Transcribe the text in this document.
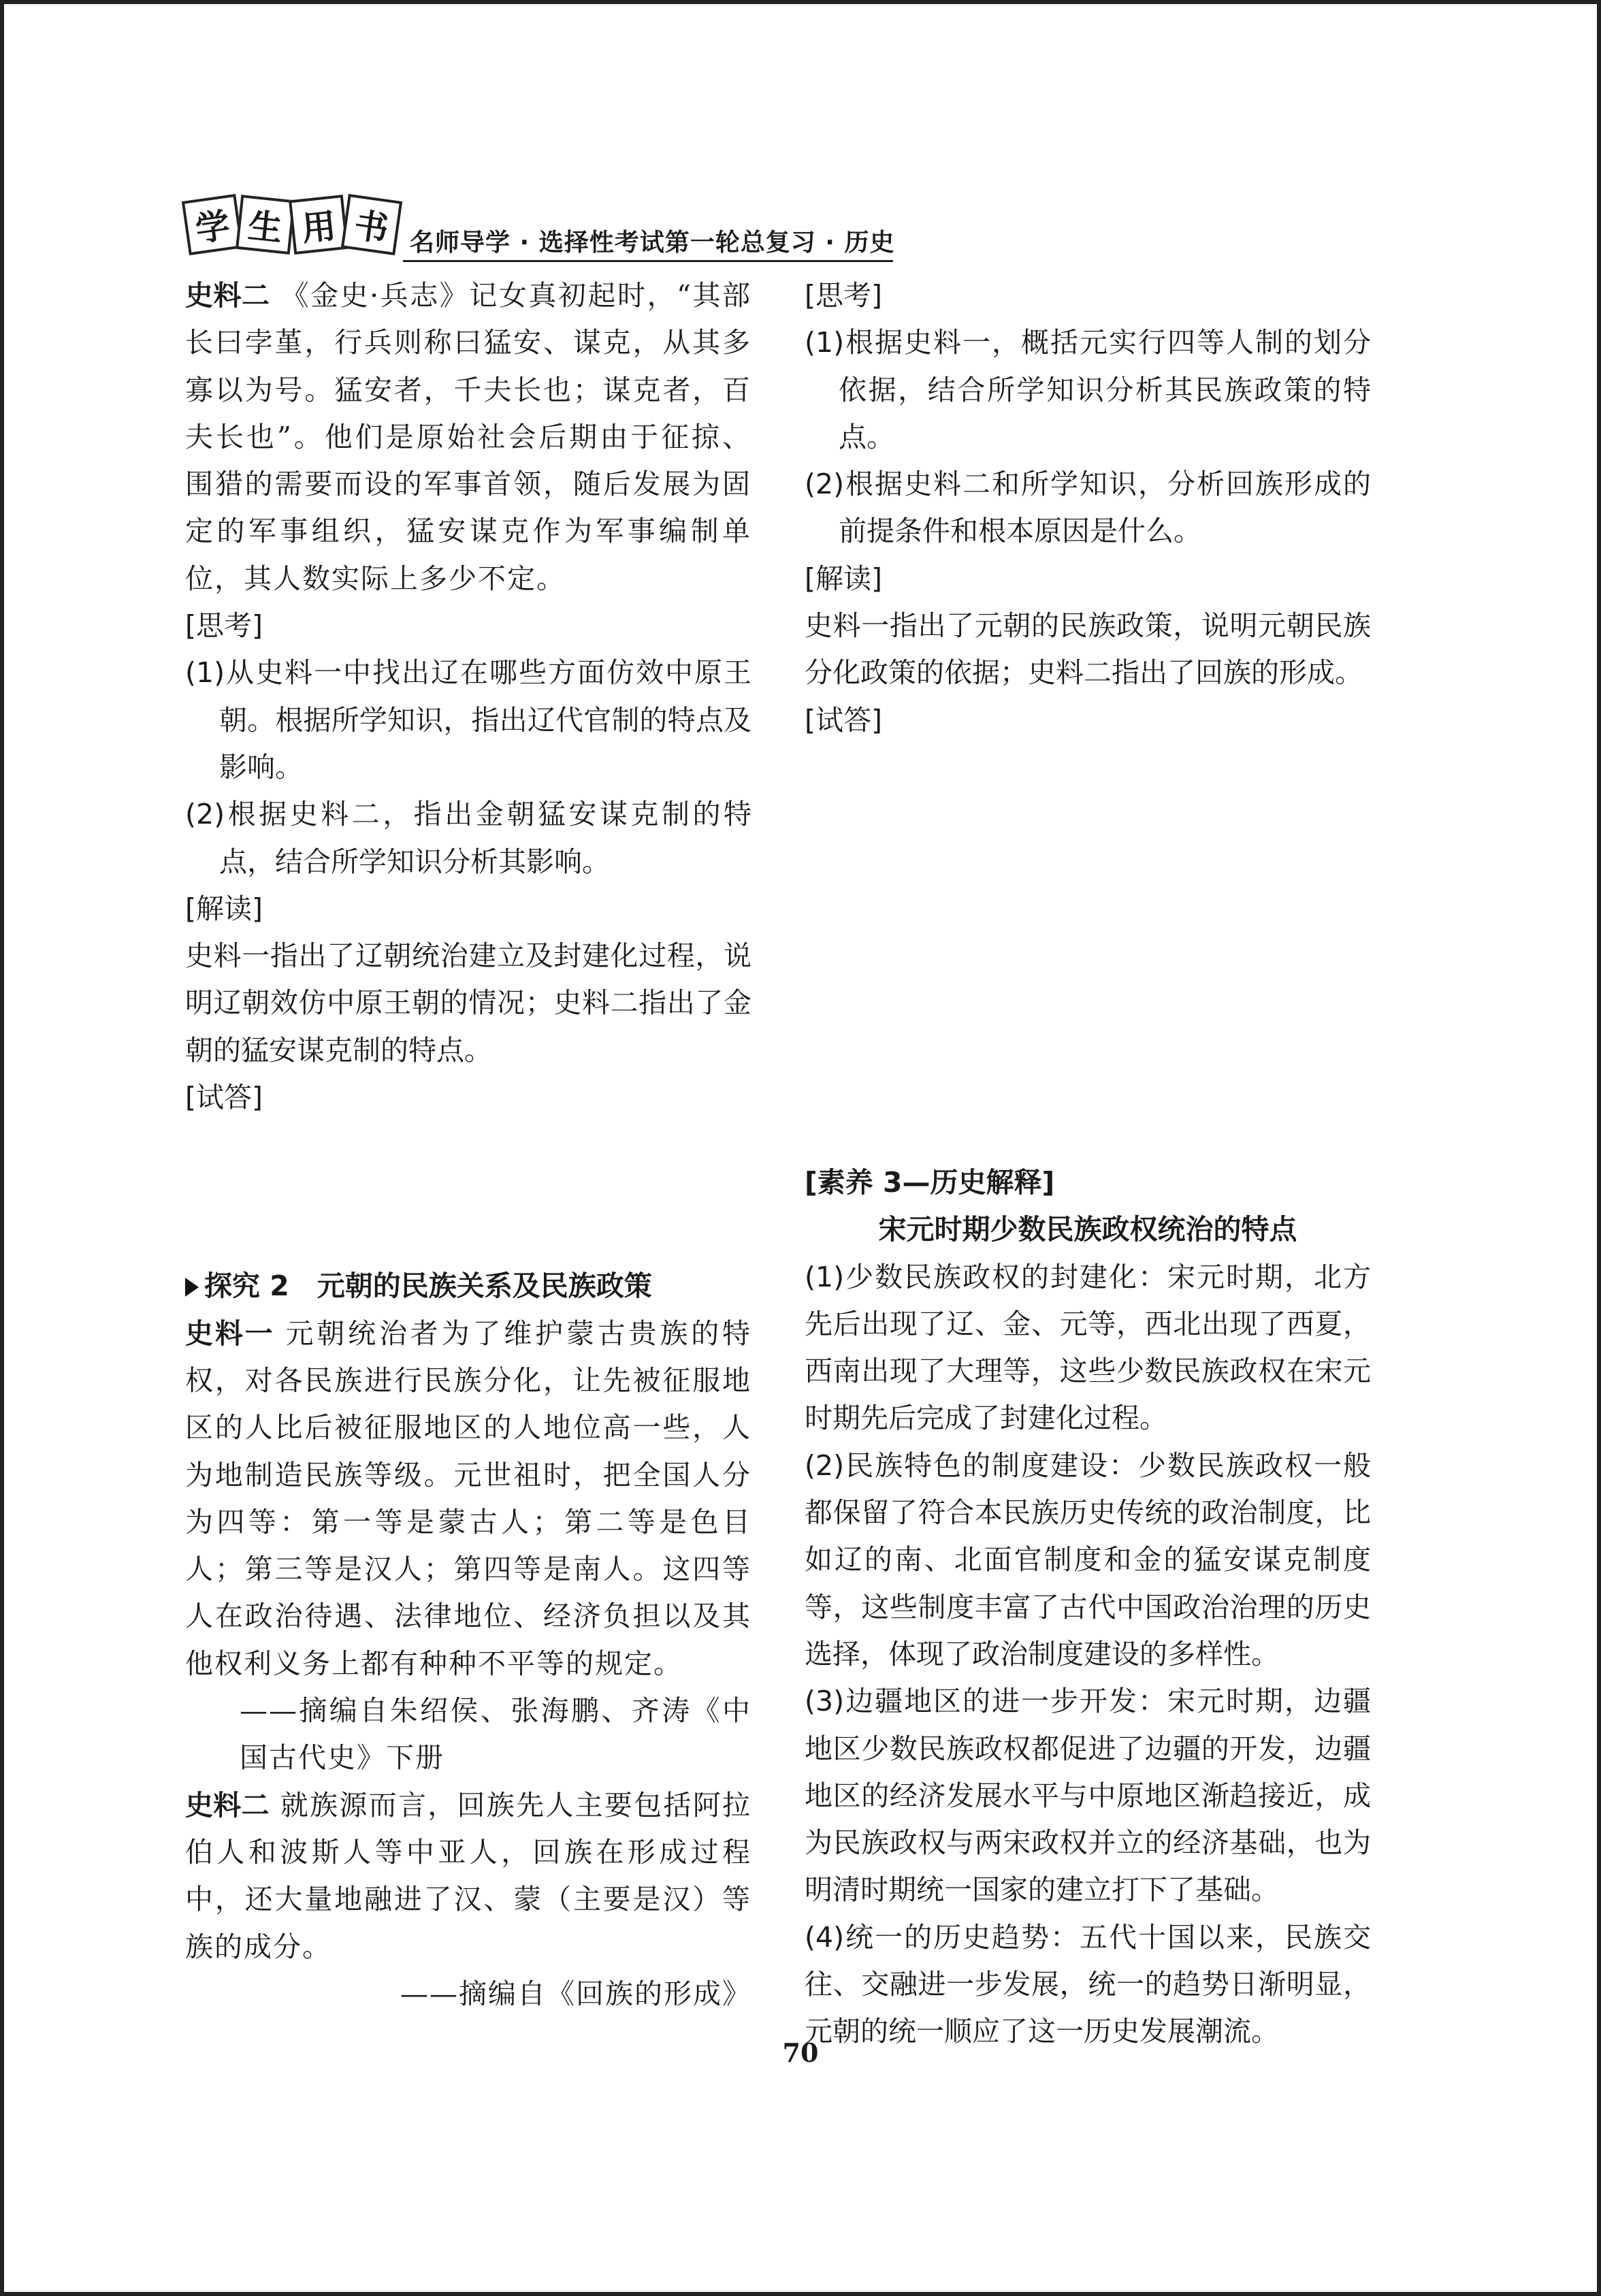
学 生 用 书 名师导学 · 选择性考试第一轮总复习 · 历史

史料二 《金史·兵志》记女真初起时，“其部长曰孛堇，行兵则称曰猛安、谋克，从其多寡以为号。猛安者，千夫长也；谋克者，百夫长也”。他们是原始社会后期由于征掠、围猎的需要而设的军事首领，随后发展为固定的军事组织，猛安谋克作为军事编制单位，其人数实际上多少不定。

[思考]

(1)从史料一中找出辽在哪些方面仿效中原王朝。根据所学知识，指出辽代官制的特点及影响。

(2)根据史料二，指出金朝猛安谋克制的特点，结合所学知识分析其影响。

[解读]

史料一指出了辽朝统治建立及封建化过程，说明辽朝效仿中原王朝的情况；史料二指出了金朝的猛安谋克制的特点。

[试答]

探究 2　元朝的民族关系及民族政策

史料一 元朝统治者为了维护蒙古贵族的特权，对各民族进行民族分化，让先被征服地区的人比后被征服地区的人地位高一些，人为地制造民族等级。元世祖时，把全国人分为四等：第一等是蒙古人；第二等是色目人；第三等是汉人；第四等是南人。这四等人在政治待遇、法律地位、经济负担以及其他权利义务上都有种种不平等的规定。

——摘编自朱绍侯、张海鹏、齐涛《中国古代史》下册

史料二 就族源而言，回族先人主要包括阿拉伯人和波斯人等中亚人，回族在形成过程中，还大量地融进了汉、蒙（主要是汉）等族的成分。

——摘编自《回族的形成》

[思考]

(1)根据史料一，概括元实行四等人制的划分依据，结合所学知识分析其民族政策的特点。

(2)根据史料二和所学知识，分析回族形成的前提条件和根本原因是什么。

[解读]

史料一指出了元朝的民族政策，说明元朝民族分化政策的依据；史料二指出了回族的形成。

[试答]

[素养 3—历史解释]

宋元时期少数民族政权统治的特点

(1)少数民族政权的封建化：宋元时期，北方先后出现了辽、金、元等，西北出现了西夏，西南出现了大理等，这些少数民族政权在宋元时期先后完成了封建化过程。

(2)民族特色的制度建设：少数民族政权一般都保留了符合本民族历史传统的政治制度，比如辽的南、北面官制度和金的猛安谋克制度等，这些制度丰富了古代中国政治治理的历史选择，体现了政治制度建设的多样性。

(3)边疆地区的进一步开发：宋元时期，边疆地区少数民族政权都促进了边疆的开发，边疆地区的经济发展水平与中原地区渐趋接近，成为民族政权与两宋政权并立的经济基础，也为明清时期统一国家的建立打下了基础。

(4)统一的历史趋势：五代十国以来，民族交往、交融进一步发展，统一的趋势日渐明显，元朝的统一顺应了这一历史发展潮流。

70
